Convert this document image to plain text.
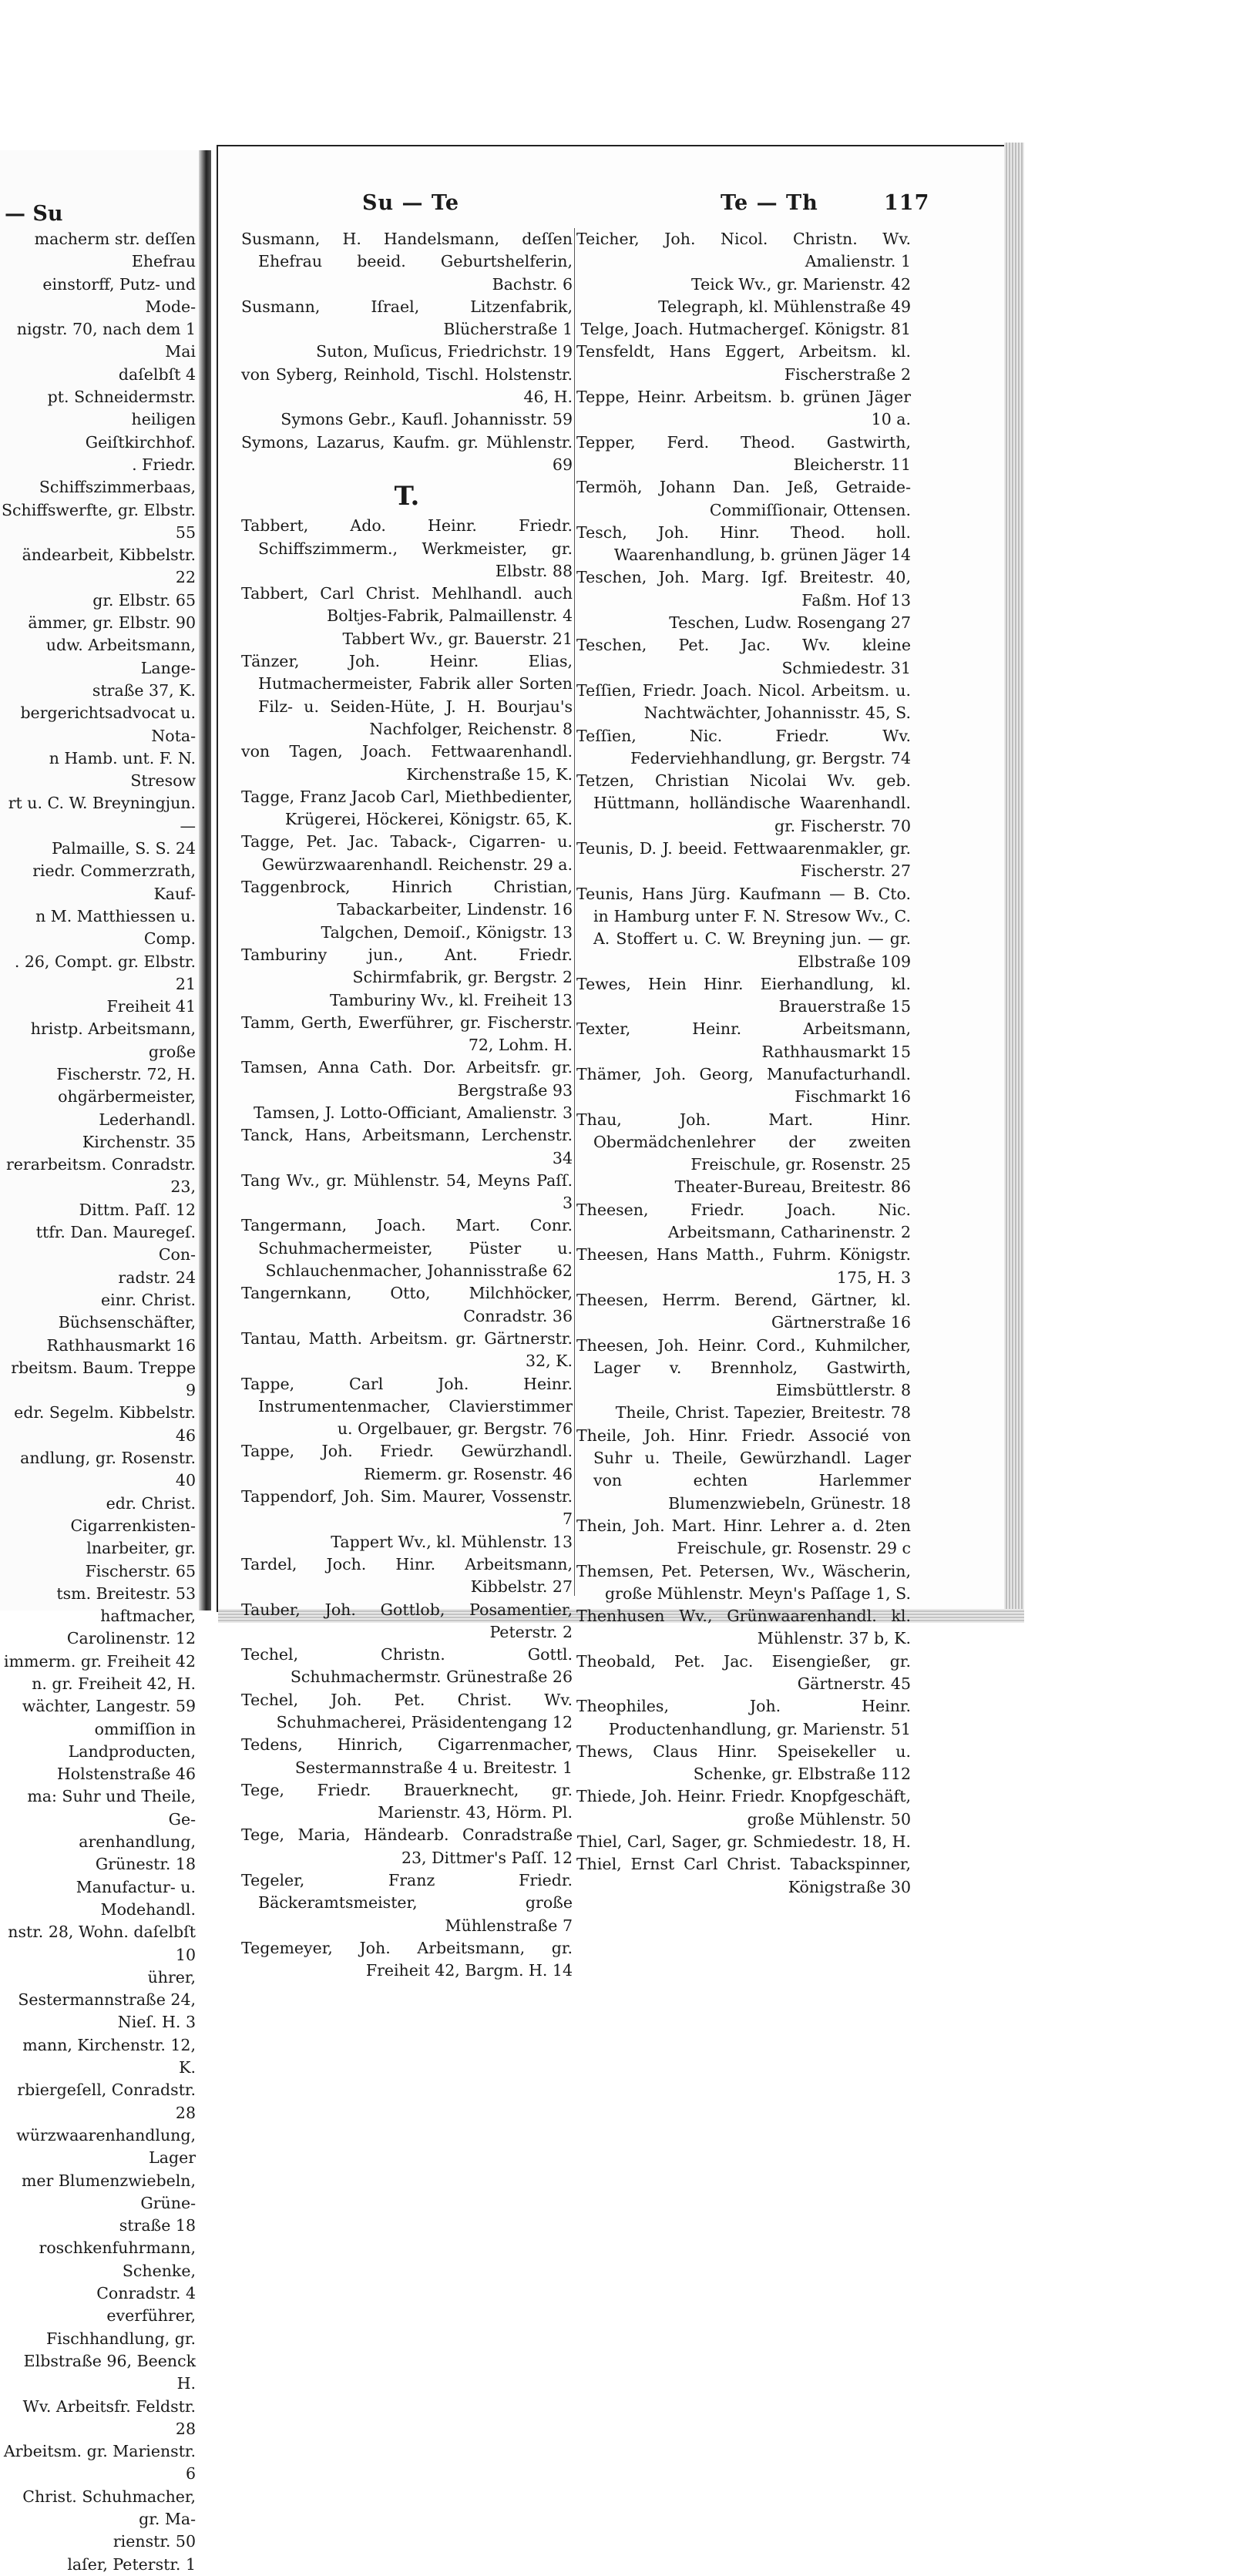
— Su
macherm str. deſſen Ehefrau
einstorff, Putz- und Mode-
nigstr. 70, nach dem 1 Mai
daſelbſt 4
pt. Schneidermstr. heiligen
Geiſtkirchhof.
. Friedr. Schiffszimmerbaas,
Schiffswerfte, gr. Elbstr. 55
ändearbeit, Kibbelstr. 22
gr. Elbstr. 65
ämmer, gr. Elbstr. 90
udw. Arbeitsmann, Lange-
straße 37, K.
bergerichtsadvocat u. Nota-
n Hamb. unt. F. N. Stresow
rt u. C. W. Breyningjun.—
Palmaille, S. S. 24
riedr. Commerzrath, Kauf-
n M. Matthiessen u. Comp.
. 26, Compt. gr. Elbstr. 21
Freiheit 41
hristp. Arbeitsmann, große
Fischerstr. 72, H.
ohgärbermeister, Lederhandl.
Kirchenstr. 35
rerarbeitsm. Conradstr. 23,
Dittm. Paſſ. 12
ttfr. Dan. Mauregeſ. Con-
radstr. 24
einr. Christ. Büchsenschäfter,
Rathhausmarkt 16
rbeitsm. Baum. Treppe 9
edr. Segelm. Kibbelstr. 46
andlung, gr. Rosenstr. 40
edr. Christ. Cigarrenkisten-
lnarbeiter, gr. Fischerstr. 65
tsm. Breitestr. 53
haftmacher, Carolinenstr. 12
immerm. gr. Freiheit 42
n. gr. Freiheit 42, H.
wächter, Langestr. 59
ommiſſion in Landproducten,
Holstenstraße 46
ma: Suhr und Theile, Ge-
arenhandlung, Grünestr. 18
Manufactur- u. Modehandl.
nstr. 28, Wohn. daſelbſt 10
ührer, Sestermannstraße 24,
Nieſ. H. 3
mann, Kirchenstr. 12, K.
rbiergeſell, Conradstr. 28
würzwaarenhandlung, Lager
mer Blumenzwiebeln, Grüne-
straße 18
roschkenfuhrmann, Schenke,
Conradstr. 4
everführer, Fischhandlung, gr.
Elbstraße 96, Beenck H.
Wv. Arbeitsfr. Feldstr. 28
Arbeitsm. gr. Marienstr. 6
Christ. Schuhmacher, gr. Ma-
rienstr. 50
laſer, Peterstr. 1
Su — Te	Te — Th	117
Susmann, H. Handelsmann, deſſen Ehefrau beeid. Geburtshelferin, Bachstr. 6
Susmann, Iſrael, Litzenfabrik, Blücherstraße 1
Suton, Muſicus, Friedrichstr. 19
von Syberg, Reinhold, Tischl. Holstenstr. 46, H.
Symons Gebr., Kaufl. Johannisstr. 59
Symons, Lazarus, Kaufm. gr. Mühlenstr. 69
T.
Tabbert, Ado. Heinr. Friedr. Schiffszimmerm., Werkmeister, gr. Elbstr. 88
Tabbert, Carl Christ. Mehlhandl. auch Boltjes-Fabrik, Palmaillenstr. 4
Tabbert Wv., gr. Bauerstr. 21
Tänzer, Joh. Heinr. Elias, Hutmachermeister, Fabrik aller Sorten Filz- u. Seiden-Hüte, J. H. Bourjau's Nachfolger, Reichenstr. 8
von Tagen, Joach. Fettwaarenhandl. Kirchenstraße 15, K.
Tagge, Franz Jacob Carl, Miethbedienter, Krügerei, Höckerei, Königstr. 65, K.
Tagge, Pet. Jac. Taback-, Cigarren- u. Gewürzwaarenhandl. Reichenstr. 29 a.
Taggenbrock, Hinrich Christian, Tabackarbeiter, Lindenstr. 16
Talgchen, Demoiſ., Königstr. 13
Tamburiny jun., Ant. Friedr. Schirmfabrik, gr. Bergstr. 2
Tamburiny Wv., kl. Freiheit 13
Tamm, Gerth, Ewerführer, gr. Fischerstr. 72, Lohm. H.
Tamsen, Anna Cath. Dor. Arbeitsfr. gr. Bergstraße 93
Tamsen, J. Lotto-Officiant, Amalienstr. 3
Tanck, Hans, Arbeitsmann, Lerchenstr. 34
Tang Wv., gr. Mühlenstr. 54, Meyns Paſſ. 3
Tangermann, Joach. Mart. Conr. Schuhmachermeister, Püster u. Schlauchenmacher, Johannisstraße 62
Tangernkann, Otto, Milchhöcker, Conradstr. 36
Tantau, Matth. Arbeitsm. gr. Gärtnerstr. 32, K.
Tappe, Carl Joh. Heinr. Instrumentenmacher, Clavierstimmer u. Orgelbauer, gr. Bergstr. 76
Tappe, Joh. Friedr. Gewürzhandl. Riemerm. gr. Rosenstr. 46
Tappendorf, Joh. Sim. Maurer, Vossenstr. 7
Tappert Wv., kl. Mühlenstr. 13
Tardel, Joch. Hinr. Arbeitsmann, Kibbelstr. 27
Tauber, Joh. Gottlob, Posamentier, Peterstr. 2
Techel, Christn. Gottl. Schuhmachermstr. Grünestraße 26
Techel, Joh. Pet. Christ. Wv. Schuhmacherei, Präsidentengang 12
Tedens, Hinrich, Cigarrenmacher, Sestermannstraße 4 u. Breitestr. 1
Tege, Friedr. Brauerknecht, gr. Marienstr. 43, Hörm. Pl.
Tege, Maria, Händearb. Conradstraße 23, Dittmer's Paſſ. 12
Tegeler, Franz Friedr. Bäckeramtsmeister, große Mühlenstraße 7
Tegemeyer, Joh. Arbeitsmann, gr. Freiheit 42, Bargm. H. 14
Teicher, Joh. Nicol. Christn. Wv. Amalienstr. 1
Teick Wv., gr. Marienstr. 42
Telegraph, kl. Mühlenstraße 49
Telge, Joach. Hutmachergeſ. Königstr. 81
Tensfeldt, Hans Eggert, Arbeitsm. kl. Fischerstraße 2
Teppe, Heinr. Arbeitsm. b. grünen Jäger 10 a.
Tepper, Ferd. Theod. Gastwirth, Bleicherstr. 11
Termöh, Johann Dan. Jeß, Getraide-Commiſſionair, Ottensen.
Tesch, Joh. Hinr. Theod. holl. Waarenhandlung, b. grünen Jäger 14
Teschen, Joh. Marg. Igf. Breitestr. 40, Faßm. Hof 13
Teschen, Ludw. Rosengang 27
Teschen, Pet. Jac. Wv. kleine Schmiedestr. 31
Teſſien, Friedr. Joach. Nicol. Arbeitsm. u. Nachtwächter, Johannisstr. 45, S.
Teſſien, Nic. Friedr. Wv. Federviehhandlung, gr. Bergstr. 74
Tetzen, Christian Nicolai Wv. geb. Hüttmann, holländische Waarenhandl. gr. Fischerstr. 70
Teunis, D. J. beeid. Fettwaarenmakler, gr. Fischerstr. 27
Teunis, Hans Jürg. Kaufmann — B. Cto. in Hamburg unter F. N. Stresow Wv., C. A. Stoffert u. C. W. Breyning jun. — gr. Elbstraße 109
Tewes, Hein Hinr. Eierhandlung, kl. Brauerstraße 15
Texter, Heinr. Arbeitsmann, Rathhausmarkt 15
Thämer, Joh. Georg, Manufacturhandl. Fischmarkt 16
Thau, Joh. Mart. Hinr. Obermädchenlehrer der zweiten Freischule, gr. Rosenstr. 25
Theater-Bureau, Breitestr. 86
Theesen, Friedr. Joach. Nic. Arbeitsmann, Catharinenstr. 2
Theesen, Hans Matth., Fuhrm. Königstr. 175, H. 3
Theesen, Herrm. Berend, Gärtner, kl. Gärtnerstraße 16
Theesen, Joh. Heinr. Cord., Kuhmilcher, Lager v. Brennholz, Gastwirth, Eimsbüttlerstr. 8
Theile, Christ. Tapezier, Breitestr. 78
Theile, Joh. Hinr. Friedr. Associé von Suhr u. Theile, Gewürzhandl. Lager von echten Harlemmer Blumenzwiebeln, Grünestr. 18
Thein, Joh. Mart. Hinr. Lehrer a. d. 2ten Freischule, gr. Rosenstr. 29 c
Themsen, Pet. Petersen, Wv., Wäscherin, große Mühlenstr. Meyn's Paſſage 1, S.
Thenhusen Wv., Grünwaarenhandl. kl. Mühlenstr. 37 b, K.
Theobald, Pet. Jac. Eisengießer, gr. Gärtnerstr. 45
Theophiles, Joh. Heinr. Productenhandlung, gr. Marienstr. 51
Thews, Claus Hinr. Speisekeller u. Schenke, gr. Elbstraße 112
Thiede, Joh. Heinr. Friedr. Knopfgeschäft, große Mühlenstr. 50
Thiel, Carl, Sager, gr. Schmiedestr. 18, H.
Thiel, Ernst Carl Christ. Tabackspinner, Königstraße 30
